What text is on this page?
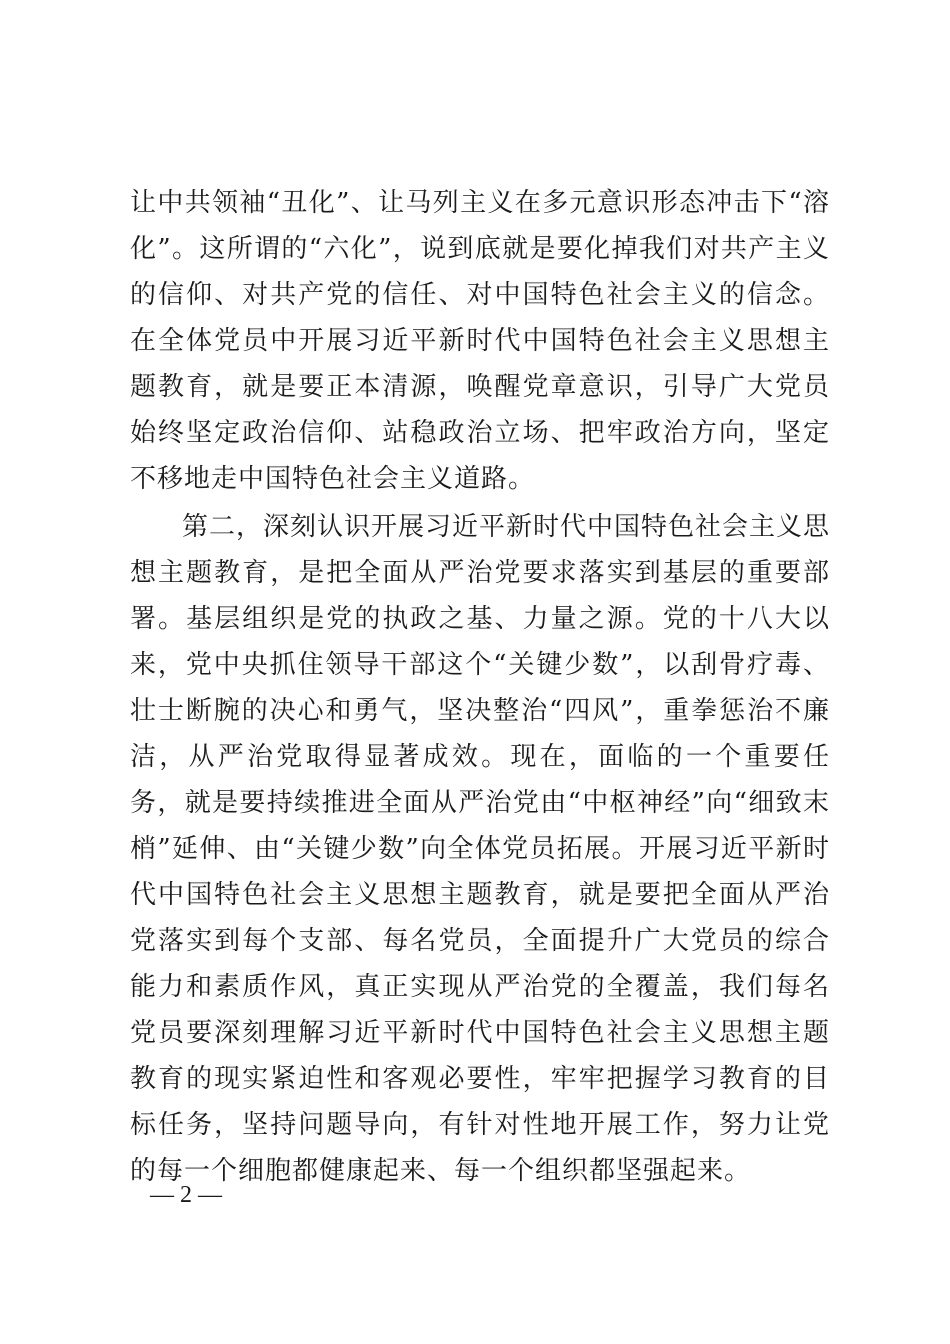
让中共领袖“丑化”、让马列主义在多元意识形态冲击下“溶化”。这所谓的“六化”，说到底就是要化掉我们对共产主义的信仰、对共产党的信任、对中国特色社会主义的信念。在全体党员中开展习近平新时代中国特色社会主义思想主题教育，就是要正本清源，唤醒党章意识，引导广大党员始终坚定政治信仰、站稳政治立场、把牢政治方向，坚定不移地走中国特色社会主义道路。

第二，深刻认识开展习近平新时代中国特色社会主义思想主题教育，是把全面从严治党要求落实到基层的重要部署。基层组织是党的执政之基、力量之源。党的十八大以来，党中央抓住领导干部这个“关键少数”，以刮骨疗毒、壮士断腕的决心和勇气，坚决整治“四风”，重拳惩治不廉洁，从严治党取得显著成效。现在，面临的一个重要任务，就是要持续推进全面从严治党由“中枢神经”向“细致末梢”延伸、由“关键少数”向全体党员拓展。开展习近平新时代中国特色社会主义思想主题教育，就是要把全面从严治党落实到每个支部、每名党员，全面提升广大党员的综合能力和素质作风，真正实现从严治党的全覆盖，我们每名党员要深刻理解习近平新时代中国特色社会主义思想主题教育的现实紧迫性和客观必要性，牢牢把握学习教育的目标任务，坚持问题导向，有针对性地开展工作，努力让党的每一个细胞都健康起来、每一个组织都坚强起来。

— 2 —
